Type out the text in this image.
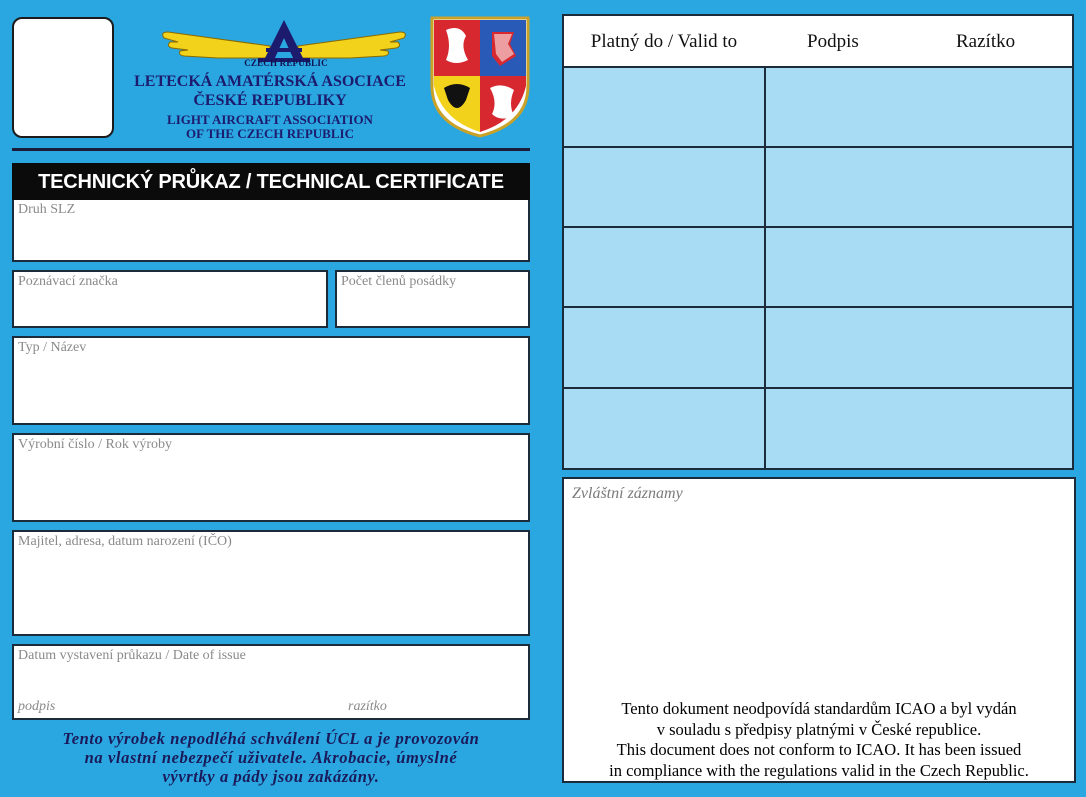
CZECH REPUBLIC
LETECKÁ AMATÉRSKÁ ASOCIACE
ČESKÉ REPUBLIKY
LIGHT AIRCRAFT ASSOCIATION
OF THE CZECH REPUBLIC
TECHNICKÝ PRŮKAZ / TECHNICAL CERTIFICATE
Druh SLZ
Poznávací značka	Počet členů posádky
Typ / Název
Výrobní číslo / Rok výroby
Majitel, adresa, datum narození (IČO)
Datum vystavení průkazu / Date of issue
podpis	razítko
Tento výrobek nepodléhá schválení ÚCL a je provozován
na vlastní nebezpečí uživatele. Akrobacie, úmyslné
vývrtky a pády jsou zakázány.
Platný do / Valid to	Podpis	Razítko
Zvláštní záznamy
Tento dokument neodpovídá standardům ICAO a byl vydán
v souladu s předpisy platnými v České republice.
This document does not conform to ICAO. It has been issued
in compliance with the regulations valid in the Czech Republic.
